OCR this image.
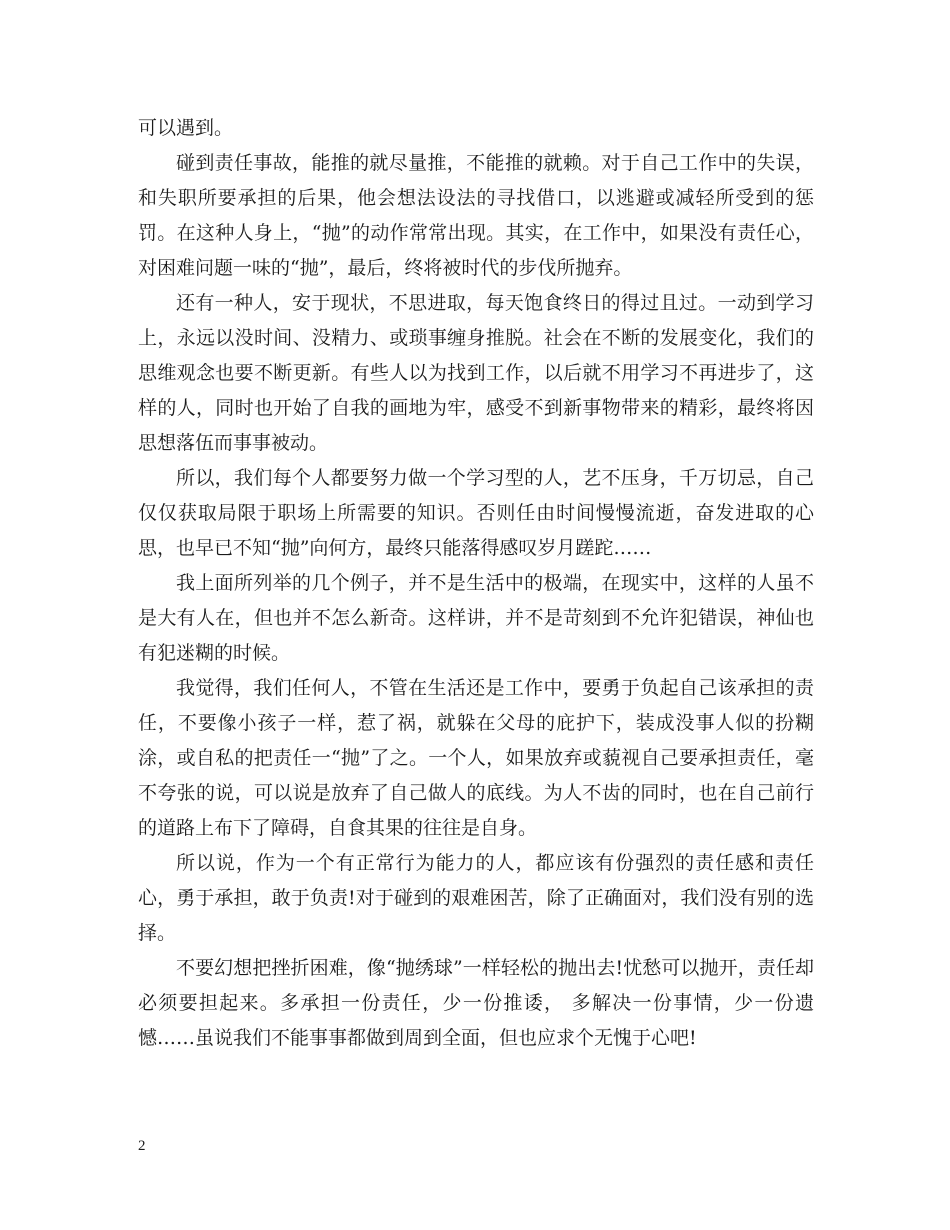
可以遇到。

碰到责任事故，能推的就尽量推，不能推的就赖。对于自己工作中的失误，和失职所要承担的后果，他会想法设法的寻找借口，以逃避或减轻所受到的惩罚。在这种人身上，“抛”的动作常常出现。其实，在工作中，如果没有责任心，对困难问题一味的“抛”，最后，终将被时代的步伐所抛弃。

还有一种人，安于现状，不思进取，每天饱食终日的得过且过。一动到学习上，永远以没时间、没精力、或琐事缠身推脱。社会在不断的发展变化，我们的思维观念也要不断更新。有些人以为找到工作，以后就不用学习不再进步了，这样的人，同时也开始了自我的画地为牢，感受不到新事物带来的精彩，最终将因思想落伍而事事被动。

所以，我们每个人都要努力做一个学习型的人，艺不压身，千万切忌，自己仅仅获取局限于职场上所需要的知识。否则任由时间慢慢流逝，奋发进取的心思，也早已不知“抛”向何方，最终只能落得感叹岁月蹉跎……

我上面所列举的几个例子，并不是生活中的极端，在现实中，这样的人虽不是大有人在，但也并不怎么新奇。这样讲，并不是苛刻到不允许犯错误，神仙也有犯迷糊的时候。

我觉得，我们任何人，不管在生活还是工作中，要勇于负起自己该承担的责任，不要像小孩子一样，惹了祸，就躲在父母的庇护下，装成没事人似的扮糊涂，或自私的把责任一“抛”了之。一个人，如果放弃或藐视自己要承担责任，毫不夸张的说，可以说是放弃了自己做人的底线。为人不齿的同时，也在自己前行的道路上布下了障碍，自食其果的往往是自身。

所以说，作为一个有正常行为能力的人，都应该有份强烈的责任感和责任心，勇于承担，敢于负责!对于碰到的艰难困苦，除了正确面对，我们没有别的选择。

不要幻想把挫折困难，像“抛绣球”一样轻松的抛出去!忧愁可以抛开，责任却必须要担起来。多承担一份责任，少一份推诿， 多解决一份事情，少一份遗憾……虽说我们不能事事都做到周到全面，但也应求个无愧于心吧!

2
